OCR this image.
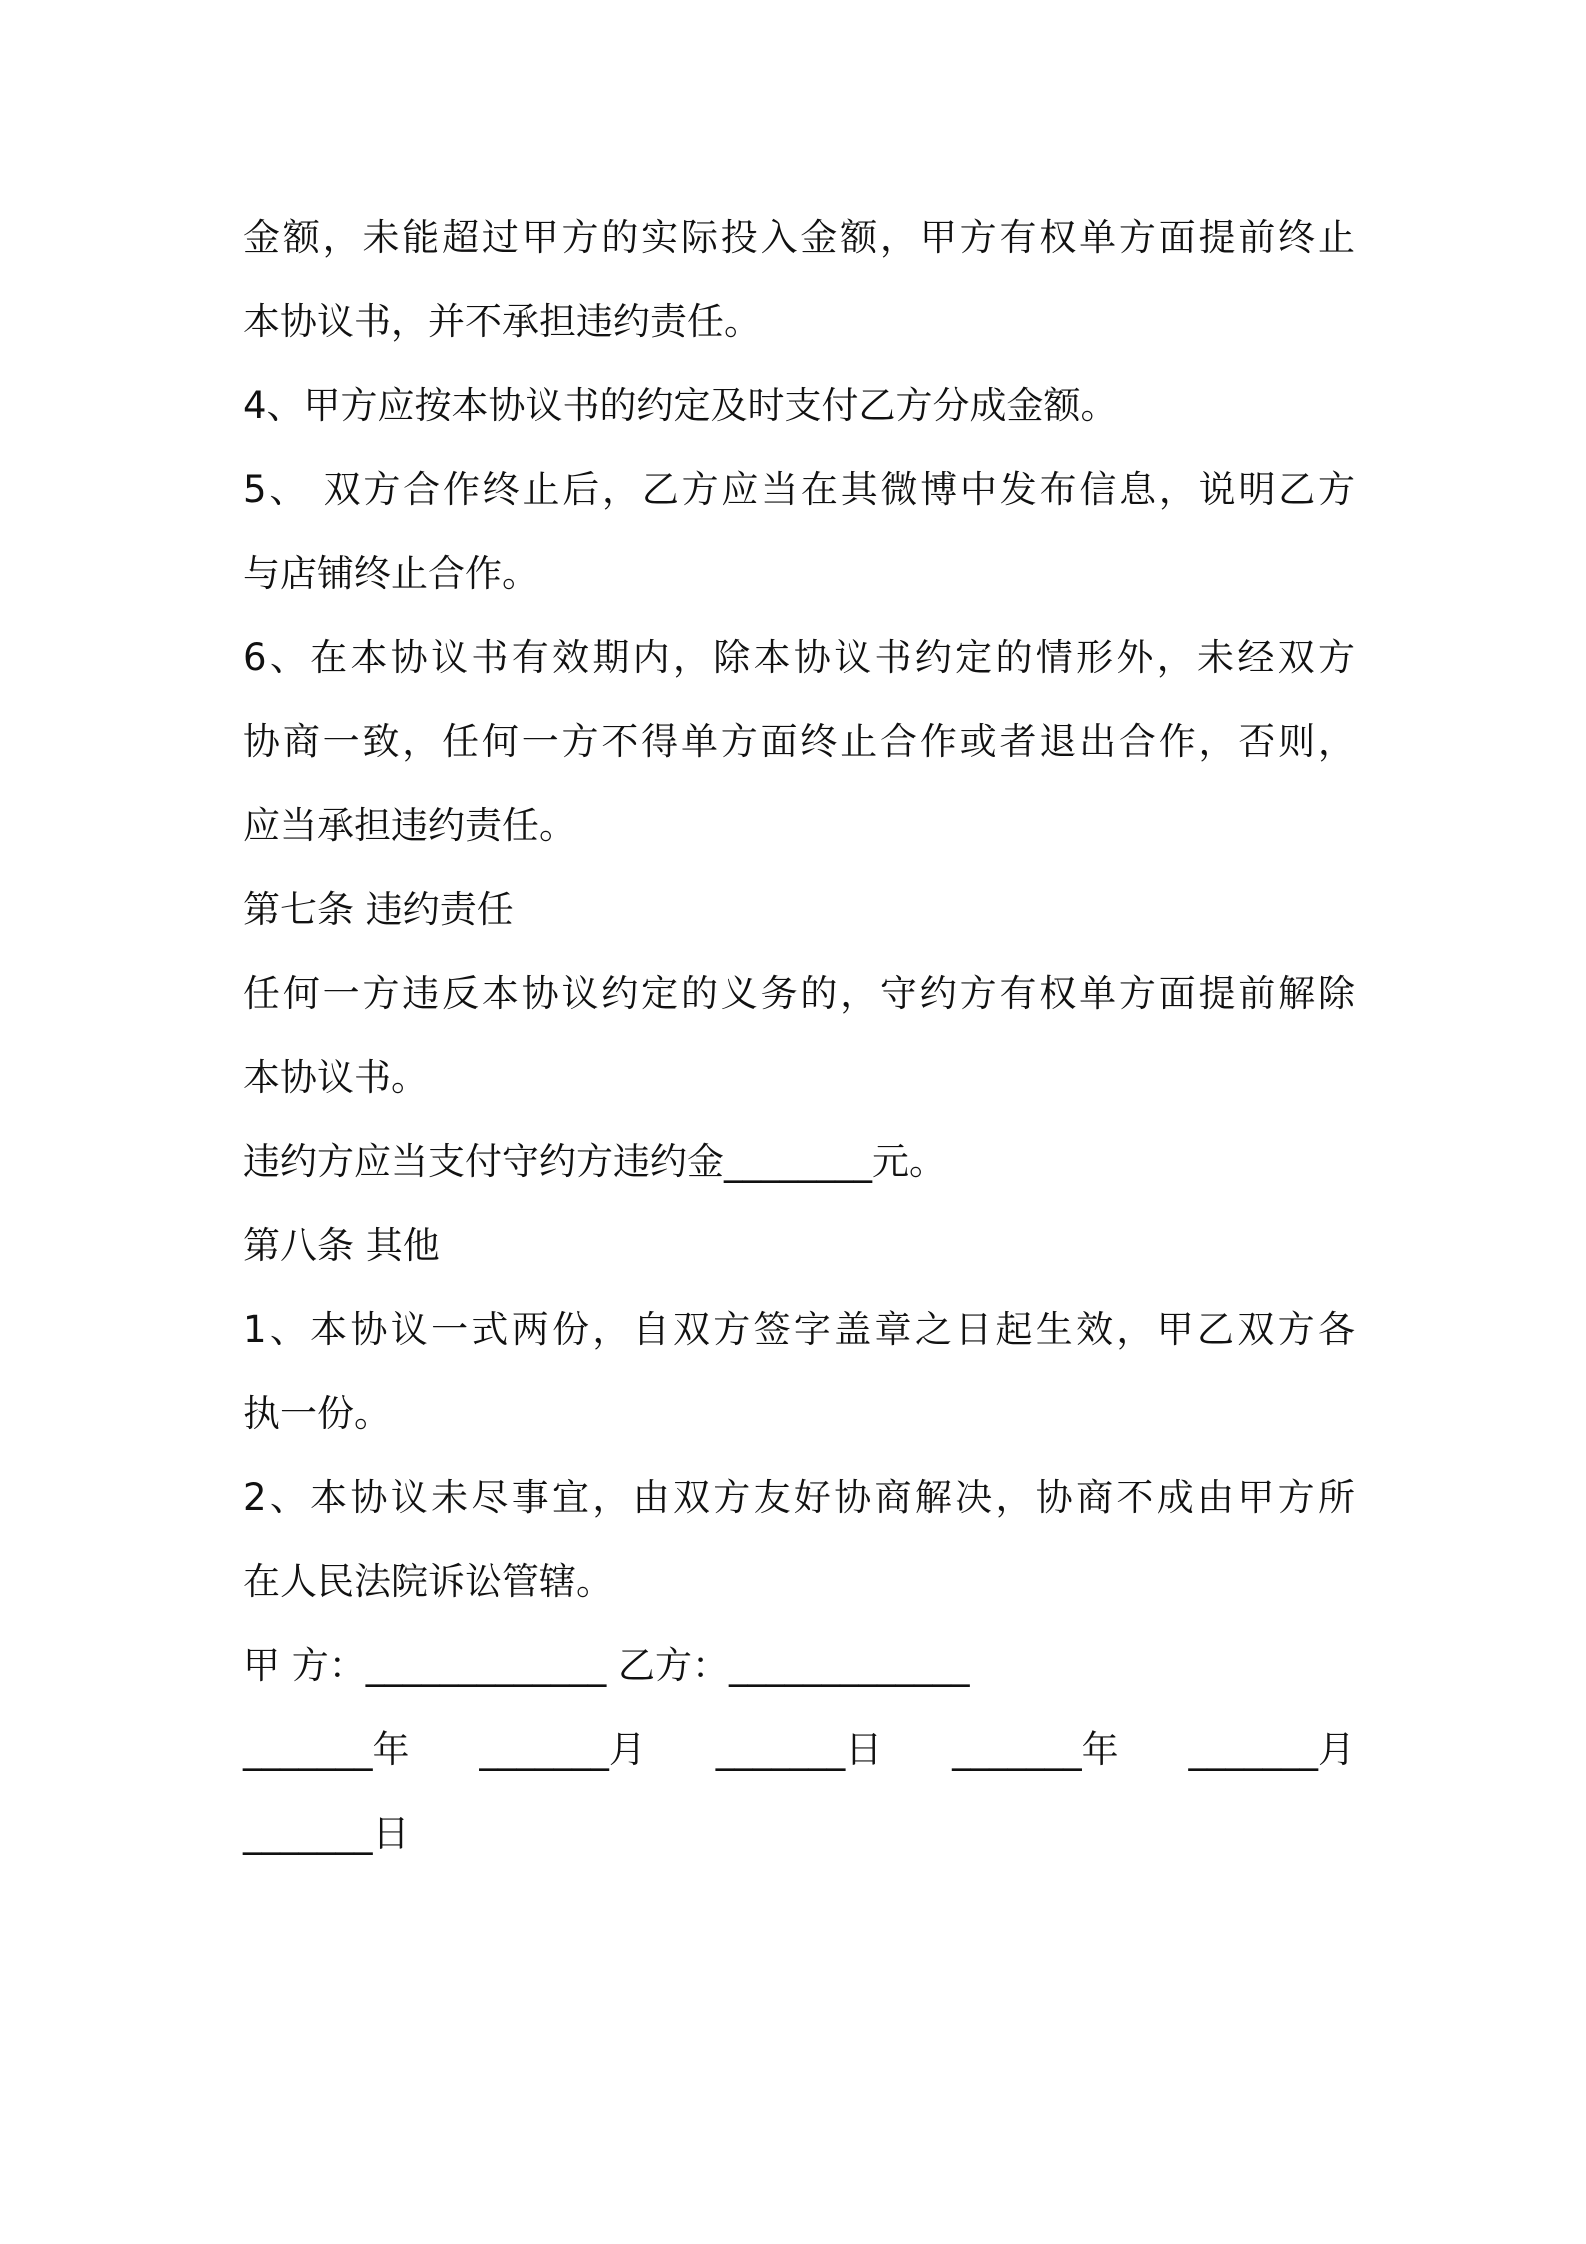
金额，未能超过甲方的实际投入金额，甲方有权单方面提前终止
本协议书，并不承担违约责任。
4、甲方应按本协议书的约定及时支付乙方分成金额。
5、 双方合作终止后，乙方应当在其微博中发布信息，说明乙方
与店铺终止合作。
6、在本协议书有效期内，除本协议书约定的情形外，未经双方
协商一致，任何一方不得单方面终止合作或者退出合作，否则，
应当承担违约责任。
第七条 违约责任
任何一方违反本协议约定的义务的，守约方有权单方面提前解除
本协议书。
违约方应当支付守约方违约金________元。
第八条 其他
1、本协议一式两份，自双方签字盖章之日起生效，甲乙双方各
执一份。
2、本协议未尽事宜，由双方友好协商解决，协商不成由甲方所
在人民法院诉讼管辖。
甲 方：_____________ 乙方：_____________
_______年 _______月 _______日 _______年 _______月
_______日
